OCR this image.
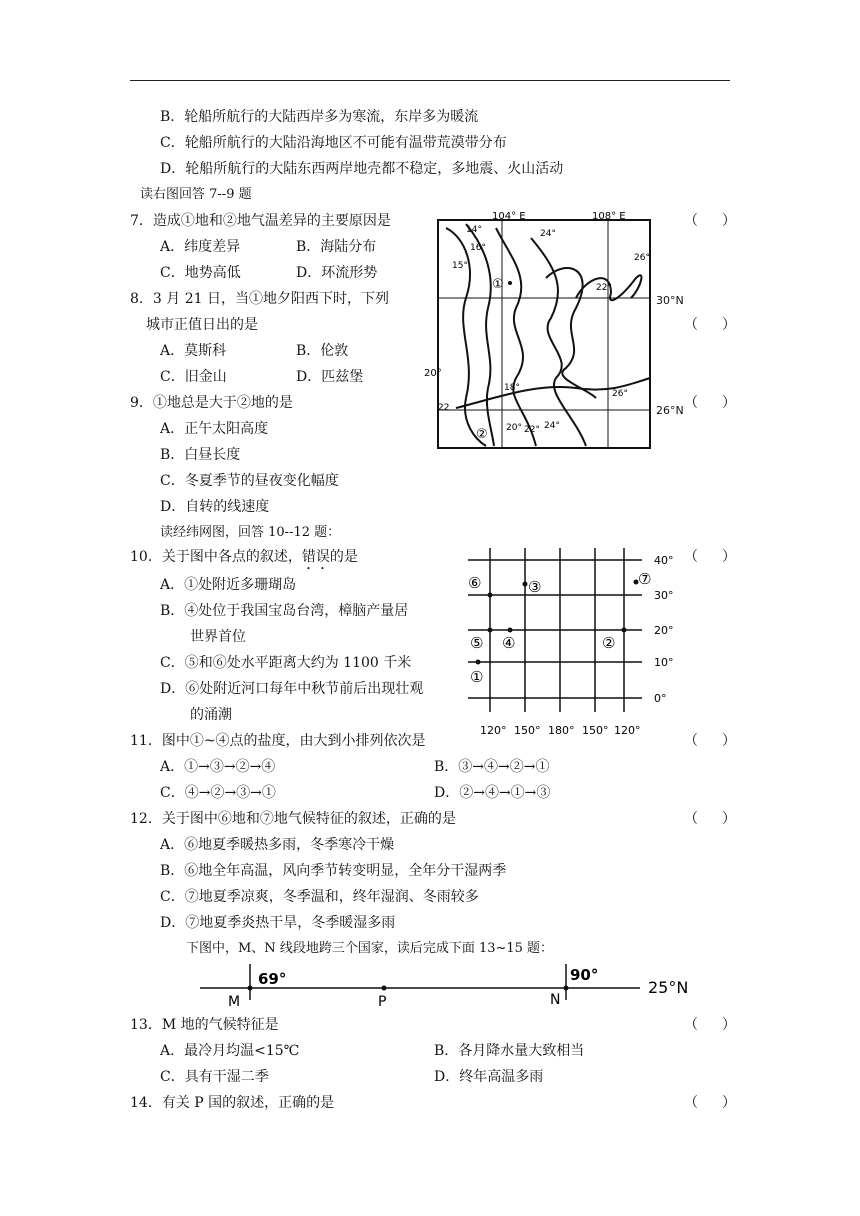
B．轮船所航行的大陆西岸多为寒流，东岸多为暖流
C．轮船所航行的大陆沿海地区不可能有温带荒漠带分布
D．轮船所航行的大陆东西两岸地壳都不稳定，多地震、火山活动
读右图回答 7--9 题
7．造成①地和②地气温差异的主要原因是	（ ）
A．纬度差异	B．海陆分布
C．地势高低	D．环流形势
8．3 月 21 日，当①地夕阳西下时，下列
城市正值日出的是	（ ）
A．莫斯科	B．伦敦
C．旧金山	D．匹兹堡
9．①地总是大于②地的是	（ ）
A．正午太阳高度
B．白昼长度
C．冬夏季节的昼夜变化幅度
D．自转的线速度
104° E	108° E
14°
16°
24°
15°
26°
22°
20°
18°
26°
22
20° 22° 24°
①
②
30°N
26°N
读经纬网图，回答 10--12 题：
10．关于图中各点的叙述，错误的是	（ ）
A．①处附近多珊瑚岛
B．④处位于我国宝岛台湾，樟脑产量居
世界首位
C．⑤和⑥处水平距离大约为 1100 千米
D．⑥处附近河口每年中秋节前后出现壮观
的涌潮
40°
30°
20°
10°
0°
120° 150° 180° 150° 120°
⑥	③	⑦
⑤ ④	②
①
11．图中①~④点的盐度，由大到小排列依次是	（ ）
A．①→③→②→④	B．③→④→②→①
C．④→②→③→①	D．②→④→①→③
12．关于图中⑥地和⑦地气候特征的叙述，正确的是	（ ）
A．⑥地夏季暖热多雨，冬季寒冷干燥
B．⑥地全年高温，风向季节转变明显，全年分干湿两季
C．⑦地夏季凉爽，冬季温和，终年湿润、冬雨较多
D．⑦地夏季炎热干旱，冬季暖湿多雨
下图中，M、N 线段地跨三个国家，读后完成下面 13~15 题：
69°	90°
25°N
M	P	N
13．M 地的气候特征是	（ ）
A．最冷月均温<15℃	B．各月降水量大致相当
C．具有干湿二季	D．终年高温多雨
14．有关 P 国的叙述，正确的是	（ ）
